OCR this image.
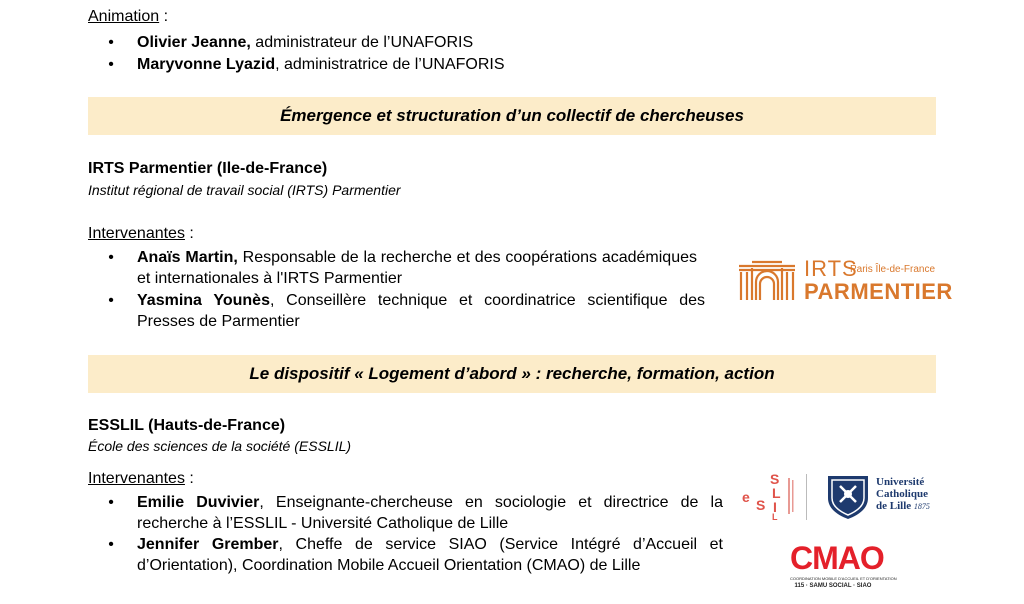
Animation :
• Olivier Jeanne, administrateur de l’UNAFORIS
• Maryvonne Lyazid, administratrice de l’UNAFORIS
Émergence et structuration d’un collectif de chercheuses
IRTS Parmentier (Ile-de-France)
Institut régional de travail social (IRTS) Parmentier
Intervenantes :
• Anaïs Martin, Responsable de la recherche et des coopérations académiques et internationales à l'IRTS Parmentier
• Yasmina Younès, Conseillère technique et coordinatrice scientifique des Presses de Parmentier
IRTS
Paris Île-de-France
PARMENTIER
Le dispositif « Logement d’abord » : recherche, formation, action
ESSLIL (Hauts-de-France)
École des sciences de la société (ESSLIL)
Intervenantes :
• Emilie Duvivier, Enseignante-chercheuse en sociologie et directrice de la recherche à l’ESSLIL - Université Catholique de Lille
• Jennifer Grember, Cheffe de service SIAO (Service Intégré d’Accueil et d’Orientation), Coordination Mobile Accueil Orientation (CMAO) de Lille
e S
S
L
I
L
Université
Catholique
de Lille 1875
CMAO
COORDINATION MOBILE D'ACCUEIL ET D'ORIENTATION
115 · SAMU SOCIAL · SIAO
